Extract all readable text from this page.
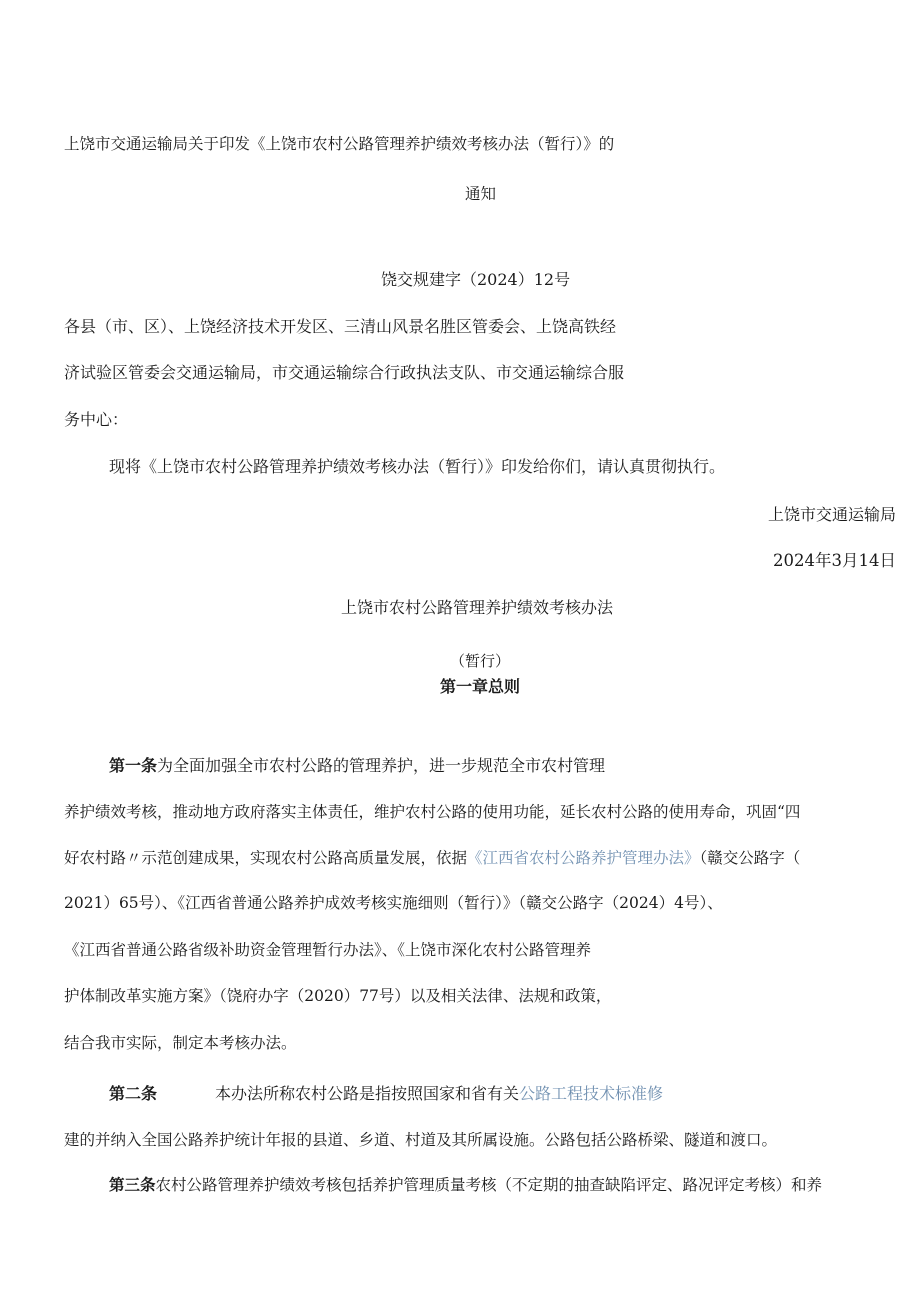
上饶市交通运输局关于印发《上饶市农村公路管理养护绩效考核办法（暂行）》的
通知
饶交规建字（2024）12号
各县（市、区）、上饶经济技术开发区、三清山风景名胜区管委会、上饶高铁经
济试验区管委会交通运输局，市交通运输综合行政执法支队、市交通运输综合服
务中心：
现将《上饶市农村公路管理养护绩效考核办法（暂行）》印发给你们，请认真贯彻执行。
上饶市交通运输局
2024年3月14日
上饶市农村公路管理养护绩效考核办法
（暂行）
第一章总则
第一条为全面加强全市农村公路的管理养护，进一步规范全市农村管理
养护绩效考核，推动地方政府落实主体责任，维护农村公路的使用功能，延长农村公路的使用寿命，巩固“四
好农村路〃示范创建成果，实现农村公路高质量发展，依据《江西省农村公路养护管理办法》（赣交公路字（
2021）65号）、《江西省普通公路养护成效考核实施细则（暂行）》（赣交公路字（2024）4号）、
《江西省普通公路省级补助资金管理暂行办法》、《上饶市深化农村公路管理养
护体制改革实施方案》（饶府办字（2020）77号）以及相关法律、法规和政策，
结合我市实际，制定本考核办法。
第二条	本办法所称农村公路是指按照国家和省有关公路工程技术标准修
建的并纳入全国公路养护统计年报的县道、乡道、村道及其所属设施。公路包括公路桥梁、隧道和渡口。
第三条农村公路管理养护绩效考核包括养护管理质量考核（不定期的抽查缺陷评定、路况评定考核）和养
